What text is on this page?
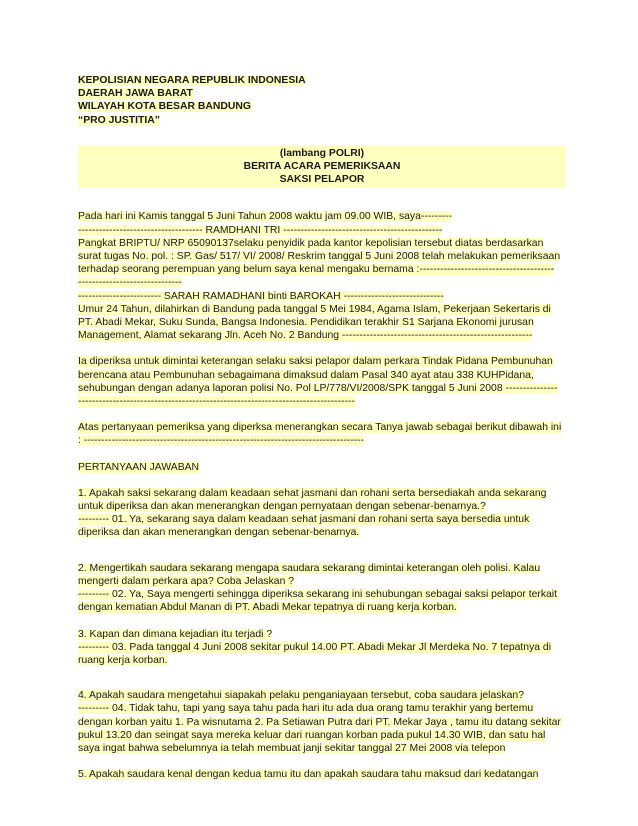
KEPOLISIAN NEGARA REPUBLIK INDONESIA
DAERAH JAWA BARAT
WILAYAH KOTA BESAR BANDUNG
“PRO JUSTITIA”
(lambang POLRI)
BERITA ACARA PEMERIKSAAN
SAKSI PELAPOR
Pada hari ini Kamis tanggal 5 Juni Tahun 2008 waktu jam 09.00 WIB, saya---------
------------------------------------ RAMDHANI TRI ----------------------------------------------
Pangkat BRIPTU/ NRP 65090137selaku penyidik pada kantor kepolisian tersebut diatas berdasarkan
surat tugas No. pol. : SP. Gas/ 517/ VI/ 2008/ Reskrim tanggal 5 Juni 2008 telah melakukan pemeriksaan
terhadap seorang perempuan yang belum saya kenal mengaku bernama :---------------------------------------
------------------------------
------------------------ SARAH RAMADHANI binti BAROKAH -----------------------------
Umur 24 Tahun, dilahirkan di Bandung pada tanggal 5 Mei 1984, Agama Islam, Pekerjaan Sekertaris di
PT. Abadi Mekar, Suku Sunda, Bangsa Indonesia. Pendidikan terakhir S1 Sarjana Ekonomi jurusan
Management, Alamat sekarang Jln. Aceh No. 2 Bandung -------------------------------------------------------
Ia diperiksa untuk dimintai keterangan selaku saksi pelapor dalam perkara Tindak Pidana Pembunuhan
berencana atau Pembunuhan sebagaimana dimaksud dalam Pasal 340 ayat atau 338 KUHPidana,
sehubungan dengan adanya laporan polisi No. Pol LP/778/VI/2008/SPK tanggal 5 Juni 2008 ---------------
--------------------------------------------------------------------------------
Atas pertanyaan pemeriksa yang diperksa menerangkan secara Tanya jawab sebagai berikut dibawah ini
: ---------------------------------------------------------------------------------
PERTANYAAN JAWABAN
1. Apakah saksi sekarang dalam keadaan sehat jasmani dan rohani serta bersediakah anda sekarang
untuk diperiksa dan akan menerangkan dengan pernyataan dengan sebenar-benarnya.?
--------- 01. Ya, sekarang saya dalam keadaan sehat jasmani dan rohani serta saya bersedia untuk
diperiksa dan akan menerangkan dengan sebenar-benarnya.
2. Mengertikah saudara sekarang mengapa saudara sekarang dimintai keterangan oleh polisi. Kalau
mengerti dalam perkara apa? Coba Jelaskan ?
--------- 02. Ya, Saya mengerti sehingga diperiksa sekarang ini sehubungan sebagai saksi pelapor terkait
dengan kematian Abdul Manan di PT. Abadi Mekar tepatnya di ruang kerja korban.
3. Kapan dan dimana kejadian itu terjadi ?
--------- 03. Pada tanggal 4 Juni 2008 sekitar pukul 14.00 PT. Abadi Mekar Jl Merdeka No. 7 tepatnya di
ruang kerja korban.
4. Apakah saudara mengetahui siapakah pelaku penganiayaan tersebut, coba saudara jelaskan?
--------- 04. Tidak tahu, tapi yang saya tahu pada hari itu ada dua orang tamu terakhir yang bertemu
dengan korban yaitu 1. Pa wisnutama 2. Pa Setiawan Putra dari PT. Mekar Jaya , tamu itu datang sekitar
pukul 13.20 dan seingat saya mereka keluar dari ruangan korban pada pukul 14.30 WIB, dan satu hal
saya ingat bahwa sebelumnya ia telah membuat janji sekitar tanggal 27 Mei 2008 via telepon
5. Apakah saudara kenal dengan kedua tamu itu dan apakah saudara tahu maksud dari kedatangan
